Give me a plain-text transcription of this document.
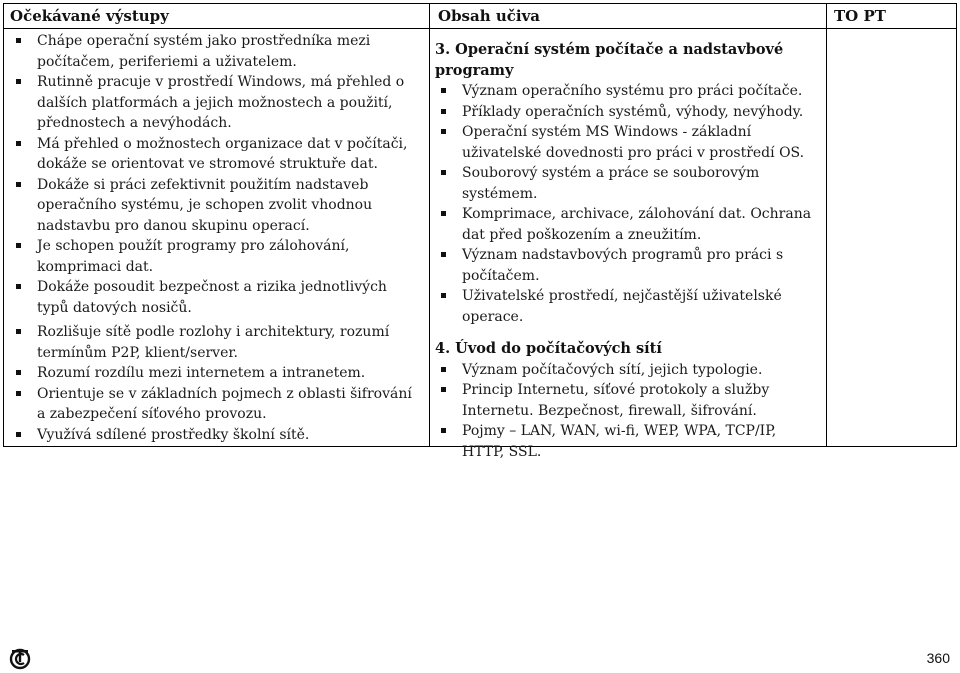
Očekávané výstupy	Obsah učiva	TO PT
Chápe operační systém jako prostředníka mezi počítačem, periferiemi a uživatelem.
Rutinně pracuje v prostředí Windows, má přehled o dalších platformách a jejich možnostech a použití, přednostech a nevýhodách.
Má přehled o možnostech organizace dat v počítači, dokáže se orientovat ve stromové struktuře dat.
Dokáže si práci zefektivnit použitím nadstaveb operačního systému, je schopen zvolit vhodnou nadstavbu pro danou skupinu operací.
Je schopen použít programy pro zálohování, komprimaci dat.
Dokáže posoudit bezpečnost a rizika jednotlivých typů datových nosičů.
Rozlišuje sítě podle rozlohy i architektury, rozumí termínům P2P, klient/server.
Rozumí rozdílu mezi internetem a intranetem.
Orientuje se v základních pojmech z oblasti šifrování a zabezpečení síťového provozu.
Využívá sdílené prostředky školní sítě.
3. Operační systém počítače a nadstavbové programy
Význam operačního systému pro práci počítače.
Příklady operačních systémů, výhody, nevýhody.
Operační systém MS Windows - základní uživatelské dovednosti pro práci v prostředí OS.
Souborový systém a práce se souborovým systémem.
Komprimace, archivace, zálohování dat. Ochrana dat před poškozením a zneužitím.
Význam nadstavbových programů pro práci s počítačem.
Uživatelské prostředí, nejčastější uživatelské operace.
4. Úvod do počítačových sítí
Význam počítačových sítí, jejich typologie.
Princip Internetu, síťové protokoly a služby Internetu. Bezpečnost, firewall, šifrování.
Pojmy – LAN, WAN, wi-fi, WEP, WPA, TCP/IP, HTTP, SSL.
360
